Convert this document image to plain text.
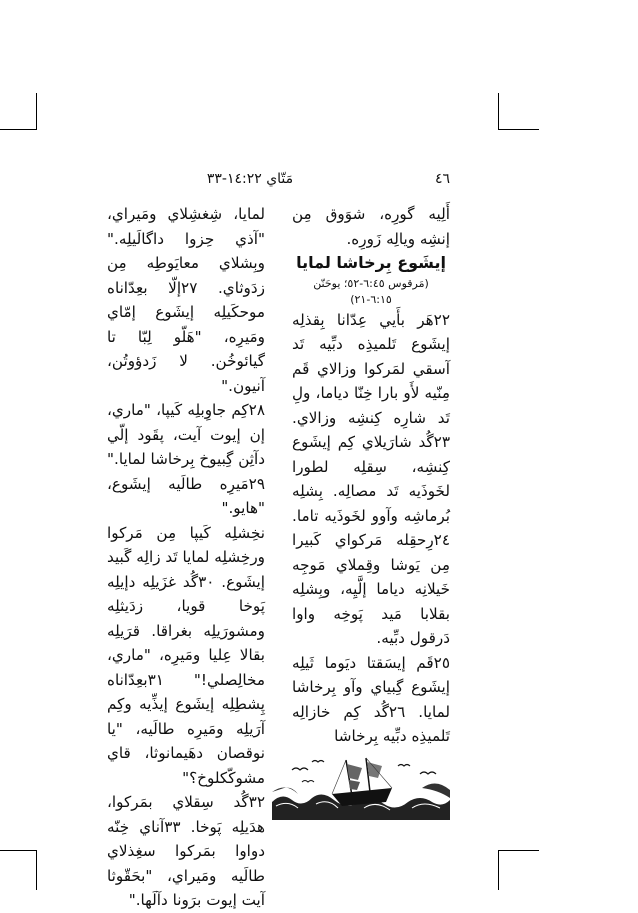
٤٦
مَتّاي ١٤:٢٢-٣٣

أَلِيه گورِه، شوَوق مِن إنشِه ويالِه زَورِه.

إيشَوع بِرخاشا لمايا

(مَرقوس ٦:٤٥-٥٢؛ يوحَنّن ٦:١٥-٢١)

٢٢هَر بأَيي عِدّانا بِقذلِه إيشَوع تَلميذِه دبِّيه تَد آسقي لمَركوا وزالاي قَم مِنّيه لأَو بارا خِنّا دياما، ولِ تَد شارِه كِنشِه وزالاي. ٢٣گُد شارَيلاي كِم إيشَوع كِنشِه، سِقلِه لطورا لخَوذَيه تَد مصالِه. بِشلِه بُرماشِه وآوو لخَوذَيه تاما. ٢٤رِحقِله مَركواي كَبيرا مِن يَوشا وقِملاي مَوجِه خَيلانِه دياما إلَّيِه، وبِشلِه بقلابا مَيد پَوخِه واوا دَرقول دبِّيه.

٢٥قَم إيسَقتا ديَوما ثَيلِه إيشَوع گِبياي وآو بِرخاشا لمايا. ٢٦گُد كِم خازالِه تَلميذِه دبِّيه بِرخاشا

لمايا، شِغشِلاي ومَيراي، "آذي حِزوا داگالَيلِه." وبِشلاي معايَوطِه مِن زدَوثاي. ٢٧إلّا بعِدّاناه موحكَيلِه إيشَوع إمّاي ومَيرِه، "هَلّو لِبّا تا گيائوخُن. لا زَدؤوتُن، آنيون."

٢٨كِم جاوِبلِه كَيپا، "ماري، إن إيوت آيت، پقَود إلّي دآثِن گِبيوخ بِرخاشا لمايا." ٢٩مَيرِه طالَيه إيشَوع، "هايو."

نخِشلِه كَيپا مِن مَركوا ورخِشلِه لمايا تَد زالِه گَبيد إيشَوع. ٣٠گُد غزَيلِه دإيلِه پَوخا قويا، زدَيثلِه ومشورَيلِه بغراقا. قرَيلِه بقالا عِليا ومَيرِه، "ماري، مخالِصلي!" ٣١بعِدّاناه پِشطِلِه إيشَوع إيذِّيه وكِم آرَيلِه ومَيرِه طالَيه، "يا نوقصان دهَيمانوثا، قاي مشوكّكلوخ؟"

٣٢گُد سِقلاي بمَركوا، هدَيلِه پَوخا. ٣٣آناي خِنّه دواوا بمَركوا سغِذلاي طالَيه ومَيراي، "بحَقّوثا آيت إيوت برَونا دآلَها."
